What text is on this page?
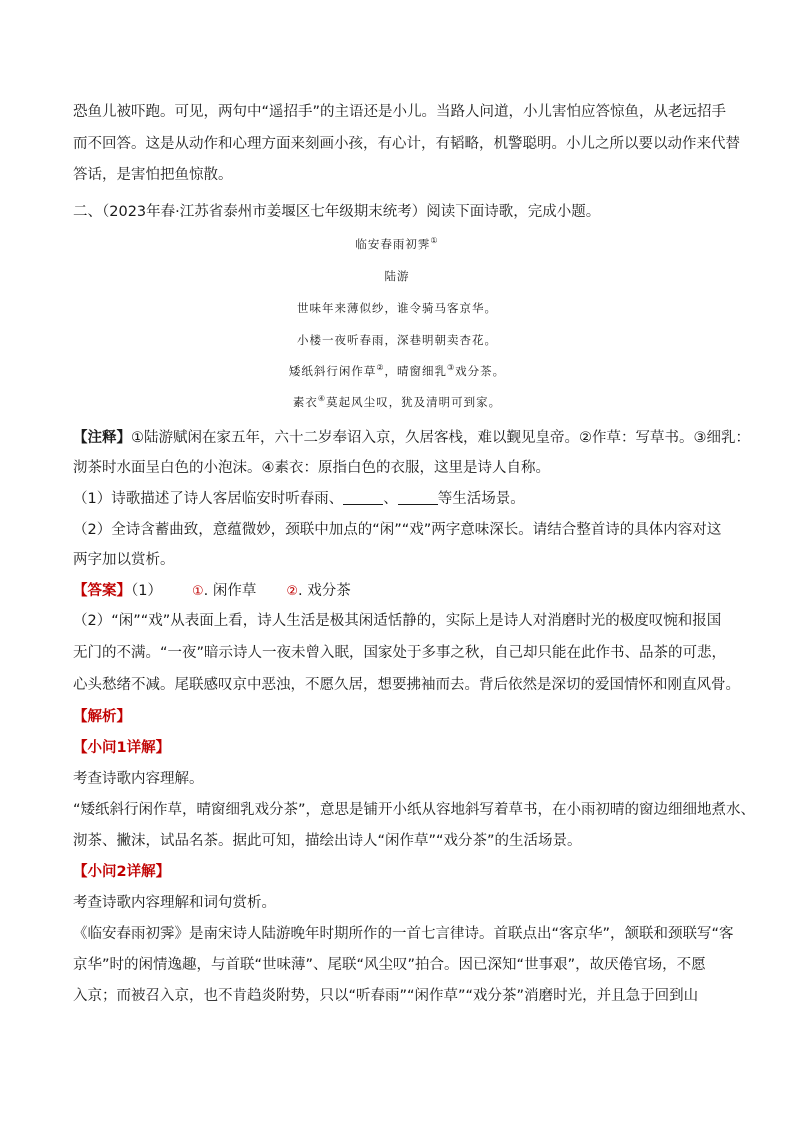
恐鱼儿被吓跑。可见，两句中“遥招手”的主语还是小儿。当路人问道，小儿害怕应答惊鱼，从老远招手

而不回答。这是从动作和心理方面来刻画小孩，有心计，有韬略，机警聪明。小儿之所以要以动作来代替

答话，是害怕把鱼惊散。

二、（2023年春·江苏省泰州市姜堰区七年级期末统考）阅读下面诗歌，完成小题。

临安春雨初霁①
陆游
世味年来薄似纱，谁令骑马客京华。
小楼一夜听春雨，深巷明朝卖杏花。
矮纸斜行闲作草②，晴窗细乳③戏分茶。
素衣④莫起风尘叹，犹及清明可到家。

【注释】①陆游赋闲在家五年，六十二岁奉诏入京，久居客栈，难以觐见皇帝。②作草：写草书。③细乳：

沏茶时水面呈白色的小泡沫。④素衣：原指白色的衣服，这里是诗人自称。

（1）诗歌描述了诗人客居临安时听春雨、	、	等生活场景。

（2）全诗含蓄曲致，意蕴微妙，颈联中加点的“闲”“戏”两字意味深长。请结合整首诗的具体内容对这

两字加以赏析。

【答案】（1） ①. 闲作草 ②. 戏分茶

（2）“闲”“戏”从表面上看，诗人生活是极其闲适恬静的，实际上是诗人对消磨时光的极度叹惋和报国

无门的不满。“一夜”暗示诗人一夜未曾入眠，国家处于多事之秋，自己却只能在此作书、品茶的可悲，

心头愁绪不减。尾联感叹京中恶浊，不愿久居，想要拂袖而去。背后依然是深切的爱国情怀和刚直风骨。

【解析】

【小问1详解】

考查诗歌内容理解。

“矮纸斜行闲作草，晴窗细乳戏分茶”，意思是铺开小纸从容地斜写着草书，在小雨初晴的窗边细细地煮水、

沏茶、撇沫，试品名茶。据此可知，描绘出诗人“闲作草”“戏分茶”的生活场景。

【小问2详解】

考查诗歌内容理解和词句赏析。

《临安春雨初霁》是南宋诗人陆游晚年时期所作的一首七言律诗。首联点出“客京华”，颔联和颈联写“客

京华”时的闲情逸趣，与首联“世味薄”、尾联“风尘叹”拍合。因已深知“世事艰”，故厌倦官场，不愿

入京；而被召入京，也不肯趋炎附势，只以“听春雨”“闲作草”“戏分茶”消磨时光，并且急于回到山
